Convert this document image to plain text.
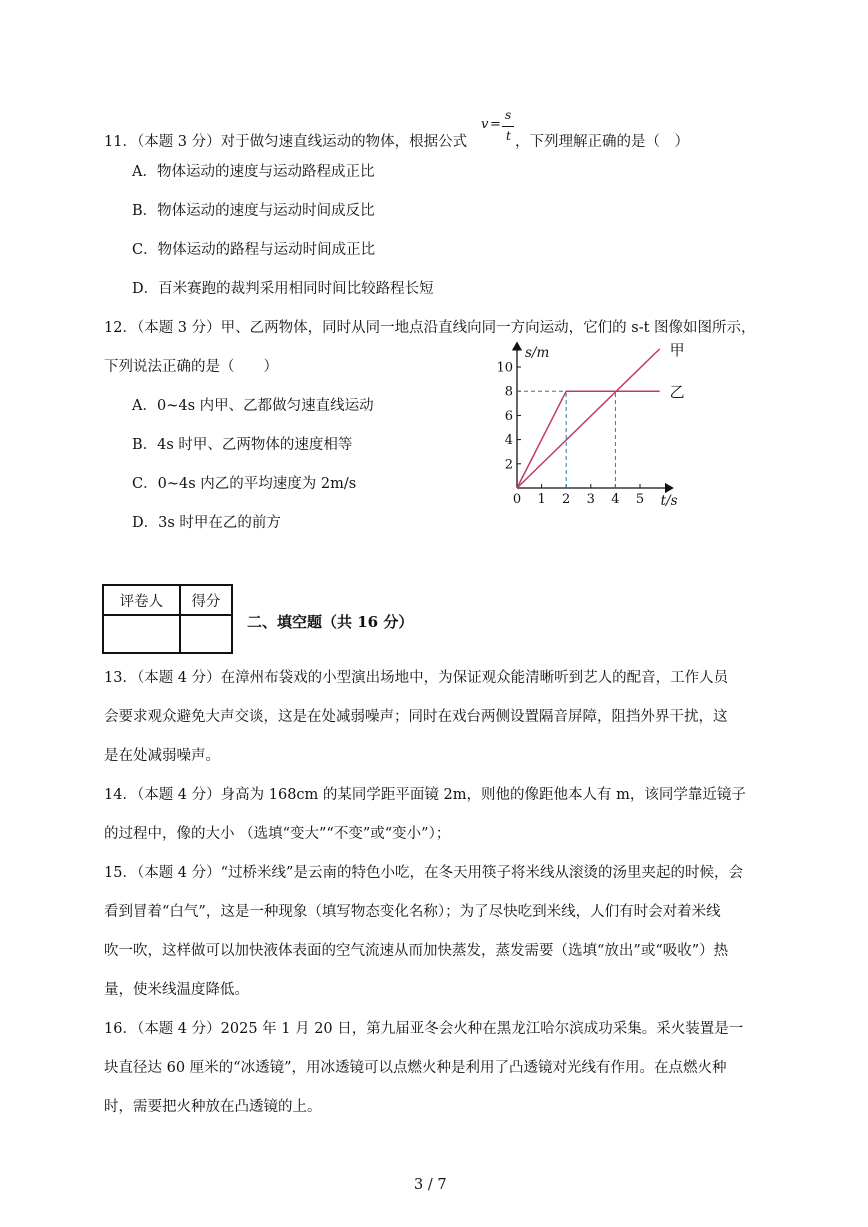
11．（本题 3 分）对于做匀速直线运动的物体，根据公式
v =
s
t ，下列理解正确的是（　）
A．物体运动的速度与运动路程成正比
B．物体运动的速度与运动时间成反比
C．物体运动的路程与运动时间成正比
D．百米赛跑的裁判采用相同时间比较路程长短
12．（本题 3 分）甲、乙两物体，同时从同一地点沿直线向同一方向运动，它们的 s-t 图像如图所示，
下列说法正确的是（　　）
A．0~4s 内甲、乙都做匀速直线运动
B．4s 时甲、乙两物体的速度相等
C．0~4s 内乙的平均速度为 2m/s
D．3s 时甲在乙的前方
0 1 2 3 4 5
2
4
6
8
10
t/s
s/m	甲
乙
评卷人	得分

二、填空题（共 16 分）
13．（本题 4 分）在漳州布袋戏的小型演出场地中，为保证观众能清晰听到艺人的配音，工作人员
会要求观众避免大声交谈，这是在处减弱噪声；同时在戏台两侧设置隔音屏障，阻挡外界干扰，这
是在处减弱噪声。
14．（本题 4 分）身高为 168cm 的某同学距平面镜 2m，则他的像距他本人有 m，该同学靠近镜子
的过程中，像的大小 （选填“变大”“不变”或“变小”）；
15．（本题 4 分）“过桥米线”是云南的特色小吃，在冬天用筷子将米线从滚烫的汤里夹起的时候，会
看到冒着“白气”，这是一种现象（填写物态变化名称）；为了尽快吃到米线，人们有时会对着米线
吹一吹，这样做可以加快液体表面的空气流速从而加快蒸发，蒸发需要（选填“放出”或“吸收”）热
量，使米线温度降低。
16．（本题 4 分）2025 年 1 月 20 日，第九届亚冬会火种在黑龙江哈尔滨成功采集。采火装置是一
块直径达 60 厘米的“冰透镜”，用冰透镜可以点燃火种是利用了凸透镜对光线有作用。在点燃火种
时，需要把火种放在凸透镜的上。
3 / 7
